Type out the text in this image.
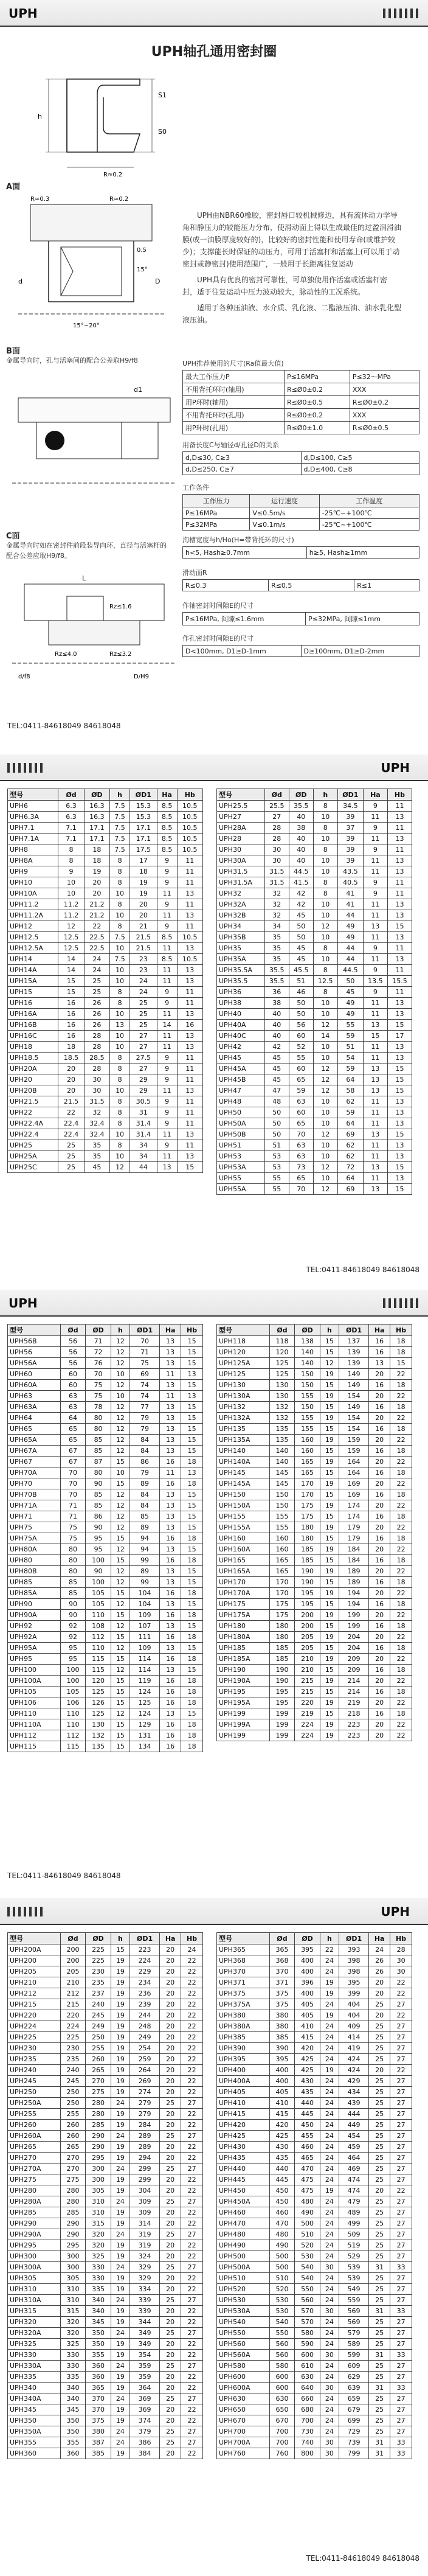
UPH
UPH轴孔通用密封圈
h
S1
S0
R≈0.2
A面
R≈0.3	R≈0.2
0.5
15°
d	D
15°~20°

UPH由NBR60橡胶，密封唇口较机械修边，具有流体动力学导角和静压力的较能压力分布，使滑动面上得以生成最佳的过盈润滑油膜(或一油膜厚度较好的)，比较好的密封性能和使用寿命(或维护较少)；支撑能长时保证的动压力，可用于活塞杆和活塞上(可以用于动密封或静密封)使用范围广，一般用于长距离往复运动

UPH具有优良的密封可靠性，可单独使用作活塞或活塞杆密封，适于往复运动中压力波动较大，脉动性的工况系统。

适用于各种压油液、水介质、乳化液、二酯液压油、油水乳化型液压油。

B面
金属导向时，孔与活塞间的配合公差取H9/f8
d1
C面
金属导向时如在密封件前段装导向环，直径与活塞杆的配合公差应取H9/f8。
L
Rz≤1.6
Rz≤4.0	Rz≤3.2
d/f8	D/H9
UPH推荐使用的尺寸(Ra值最大值)
最大工作压力P	P≤16MPa	P≤32～MPa
不用背托环时(轴用)	R≤Ø0±0.2	XXX
用P环时(轴用)	R≤Ø0±0.5	R≤Ø0±0.2
不用背托环时(孔用)	R≤Ø0±0.2	XXX
用P环时(孔用)	R≤Ø0±1.0	R≤Ø0±0.5
用备长度C与轴径d/孔径D的关系
d,D≤30, C≥3	d,D≤100, C≥5
d,D≤250, C≥7	d,D≤400, C≥8
工作条件
工作压力	运行速度	工作温度
P≤16MPa	V≤0.5m/s	-25℃~+100℃
P≤32MPa	V≤0.1m/s	-25℃~+100℃
沟槽宽度与h/Ho(H=带背托环的尺寸)
h<5, Hash≥0.7mm	h≥5, Hash≥1mm
滑动面R
R≤0.3	R≤0.5	R≤1
作轴密封时间隙E的尺寸
P≤16MPa, 间隙≤1.6mm	P≤32MPa, 间隙≤1mm
作孔密封时间隙E的尺寸
D<100mm, D1≥D-1mm	D≥100mm, D1≥D-2mm
TEL:0411-84618049 84618048
UPH
型号	Ød	ØD	h	ØD1	Ha	Hb
UPH6	6.3	16.3	7.5	15.3	8.5	10.5
UPH6.3A	6.3	16.3	7.5	15.3	8.5	10.5
UPH7.1	7.1	17.1	7.5	17.1	8.5	10.5
UPH7.1A	7.1	17.1	7.5	17.1	8.5	10.5
UPH8	8	18	7.5	17.5	8.5	10.5
UPH8A	8	18	8	17	9	11
UPH9	9	19	8	18	9	11
UPH10	10	20	8	19	9	11
UPH10A	10	20	10	19	11	13
UPH11.2	11.2	21.2	8	20	9	11
UPH11.2A	11.2	21.2	10	20	11	13
UPH12	12	22	8	21	9	11
UPH12.5	12.5	22.5	7.5	21.5	8.5	10.5
UPH12.5A	12.5	22.5	10	21.5	11	13
UPH14	14	24	7.5	23	8.5	10.5
UPH14A	14	24	10	23	11	13
UPH15A	15	25	10	24	11	13
UPH15	15	25	8	24	9	11
UPH16	16	26	8	25	9	11
UPH16A	16	26	10	25	11	13
UPH16B	16	26	13	25	14	16
UPH16C	16	28	10	27	11	13
UPH18	18	28	10	27	11	13
UPH18.5	18.5	28.5	8	27.5	9	11
UPH20A	20	28	8	27	9	11
UPH20	20	30	8	29	9	11
UPH20B	20	30	10	29	11	13
UPH21.5	21.5	31.5	8	30.5	9	11
UPH22	22	32	8	31	9	11
UPH22.4A	22.4	32.4	8	31.4	9	11
UPH22.4	22.4	32.4	10	31.4	11	13
UPH25	25	35	8	34	9	11
UPH25A	25	35	10	34	11	13
UPH25C	25	45	12	44	13	15
型号	Ød	ØD	h	ØD1	Ha	Hb
UPH25.5	25.5	35.5	8	34.5	9	11
UPH27	27	40	10	39	11	13
UPH28A	28	38	8	37	9	11
UPH28	28	40	10	39	11	13
UPH30	30	40	8	39	9	11
UPH30A	30	40	10	39	11	13
UPH31.5	31.5	44.5	10	43.5	11	13
UPH31.5A	31.5	41.5	8	40.5	9	11
UPH32	32	42	8	41	9	11
UPH32A	32	42	10	41	11	13
UPH32B	32	45	10	44	11	13
UPH34	34	50	12	49	13	15
UPH35B	35	50	10	49	11	13
UPH35	35	45	8	44	9	11
UPH35A	35	45	10	44	11	13
UPH35.5A	35.5	45.5	8	44.5	9	11
UPH35.5	35.5	51	12.5	50	13.5	15.5
UPH36	36	46	8	45	9	11
UPH38	38	50	10	49	11	13
UPH40	40	50	10	49	11	13
UPH40A	40	56	12	55	13	15
UPH40C	40	60	14	59	15	17
UPH42	42	52	10	51	11	13
UPH45	45	55	10	54	11	13
UPH45A	45	60	12	59	13	15
UPH45B	45	65	12	64	13	15
UPH47	47	59	12	58	13	15
UPH48	48	63	10	62	11	13
UPH50	50	60	10	59	11	13
UPH50A	50	65	10	64	11	13
UPH50B	50	70	12	69	13	15
UPH51	51	63	10	62	11	13
UPH53	53	63	10	62	11	13
UPH53A	53	73	12	72	13	15
UPH55	55	65	10	64	11	13
UPH55A	55	70	12	69	13	15
TEL:0411-84618049 84618048
UPH
型号	Ød	ØD	h	ØD1	Ha	Hb
UPH56B	56	71	12	70	13	15
UPH56	56	72	12	71	13	15
UPH56A	56	76	12	75	13	15
UPH60	60	70	10	69	11	13
UPH60A	60	75	12	74	13	15
UPH63	63	75	10	74	11	13
UPH63A	63	78	12	77	13	15
UPH64	64	80	12	79	13	15
UPH65	65	80	12	79	13	15
UPH65A	65	85	12	84	13	15
UPH67A	67	85	12	84	13	15
UPH67	67	87	15	86	16	18
UPH70A	70	80	10	79	11	13
UPH70	70	90	15	89	16	18
UPH70B	70	85	12	84	13	15
UPH71A	71	85	12	84	13	15
UPH71	71	86	12	85	13	15
UPH75	75	90	12	89	13	15
UPH75A	75	95	15	94	16	18
UPH80A	80	95	12	94	13	15
UPH80	80	100	15	99	16	18
UPH80B	80	90	12	89	13	15
UPH85	85	100	12	99	13	15
UPH85A	85	105	15	104	16	18
UPH90	90	105	12	104	13	15
UPH90A	90	110	15	109	16	18
UPH92	92	108	12	107	13	15
UPH92A	92	112	15	111	16	18
UPH95A	95	110	12	109	13	15
UPH95	95	115	15	114	16	18
UPH100	100	115	12	114	13	15
UPH100A	100	120	15	119	16	18
UPH105	105	125	15	124	16	18
UPH106	106	126	15	125	16	18
UPH110	110	125	12	124	13	15
UPH110A	110	130	15	129	16	18
UPH112	112	132	15	131	16	18
UPH115	115	135	15	134	16	18
型号	Ød	ØD	h	ØD1	Ha	Hb
UPH118	118	138	15	137	16	18
UPH120	120	140	15	139	16	18
UPH125A	125	140	12	139	13	15
UPH125	125	150	19	149	20	22
UPH130	130	150	15	149	16	18
UPH130A	130	155	19	154	20	22
UPH132	132	150	15	149	16	18
UPH132A	132	155	19	154	20	22
UPH135	135	155	15	154	16	18
UPH135A	135	160	19	159	20	22
UPH140	140	160	15	159	16	18
UPH140A	140	165	19	164	20	22
UPH145	145	165	15	164	16	18
UPH145A	145	170	19	169	20	22
UPH150	150	170	15	169	16	18
UPH150A	150	175	19	174	20	22
UPH155	155	175	15	174	16	18
UPH155A	155	180	19	179	20	22
UPH160	160	180	15	179	16	18
UPH160A	160	185	19	184	20	22
UPH165	165	185	15	184	16	18
UPH165A	165	190	19	189	20	22
UPH170	170	190	15	189	16	18
UPH170A	170	195	19	194	20	22
UPH175	175	195	15	194	16	18
UPH175A	175	200	19	199	20	22
UPH180	180	200	15	199	16	18
UPH180A	180	205	19	204	20	22
UPH185	185	205	15	204	16	18
UPH185A	185	210	19	209	20	22
UPH190	190	210	15	209	16	18
UPH190A	190	215	19	214	20	22
UPH195	195	215	15	214	16	18
UPH195A	195	220	19	219	20	22
UPH199	199	219	15	218	16	18
UPH199A	199	224	19	223	20	22
UPH199	199	224	19	223	20	22
TEL:0411-84618049 84618048
UPH
型号	Ød	ØD	h	ØD1	Ha	Hb
UPH200A	200	225	15	223	20	24
UPH200	200	225	19	224	20	22
UPH205	205	230	19	229	20	22
UPH210	210	235	19	234	20	22
UPH212	212	237	19	236	20	22
UPH215	215	240	19	239	20	22
UPH220	220	245	19	244	20	22
UPH224	224	249	19	248	20	22
UPH225	225	250	19	249	20	22
UPH230	230	255	19	254	20	22
UPH235	235	260	19	259	20	22
UPH240	240	265	19	264	20	22
UPH245	245	270	19	269	20	22
UPH250	250	275	19	274	20	22
UPH250A	250	280	24	279	25	27
UPH255	255	280	19	279	20	22
UPH260	260	285	19	284	20	22
UPH260A	260	290	24	289	25	27
UPH265	265	290	19	289	20	22
UPH270	270	295	19	294	20	22
UPH270A	270	300	24	299	25	27
UPH275	275	300	19	299	20	22
UPH280	280	305	19	304	20	22
UPH280A	280	310	24	309	25	27
UPH285	285	310	19	309	20	22
UPH290	290	315	19	314	20	22
UPH290A	290	320	24	319	25	27
UPH295	295	320	19	319	20	22
UPH300	300	325	19	324	20	22
UPH300A	300	330	24	329	25	27
UPH305	305	330	19	329	20	22
UPH310	310	335	19	334	20	22
UPH310A	310	340	24	339	25	27
UPH315	315	340	19	339	20	22
UPH320	320	345	19	344	20	22
UPH320A	320	350	24	349	25	27
UPH325	325	350	19	349	20	22
UPH330	330	355	19	354	20	22
UPH330A	330	360	24	359	25	27
UPH335	335	360	19	359	20	22
UPH340	340	365	19	364	20	22
UPH340A	340	370	24	369	25	27
UPH345	345	370	19	369	20	22
UPH350	350	375	19	374	20	22
UPH350A	350	380	24	379	25	27
UPH355	355	387	24	386	25	27
UPH360	360	385	19	384	20	22
型号	Ød	ØD	h	ØD1	Ha	Hb
UPH365	365	395	22	393	24	28
UPH368	368	400	24	398	26	30
UPH370	370	400	24	398	26	30
UPH371	371	396	19	395	20	22
UPH375	375	400	19	399	20	22
UPH375A	375	405	24	404	25	27
UPH380	380	405	19	404	20	22
UPH380A	380	410	24	409	25	27
UPH385	385	415	24	414	25	27
UPH390	390	420	24	419	25	27
UPH395	395	425	24	424	25	27
UPH400	400	425	19	424	20	22
UPH400A	400	430	24	429	25	27
UPH405	405	435	24	434	25	27
UPH410	410	440	24	439	25	27
UPH415	415	445	24	444	25	27
UPH420	420	450	24	449	25	27
UPH425	425	455	24	454	25	27
UPH430	430	460	24	459	25	27
UPH435	435	465	24	464	25	27
UPH440	440	470	24	469	25	27
UPH445	445	475	24	474	25	27
UPH450	450	475	19	474	20	22
UPH450A	450	480	24	479	25	27
UPH460	460	490	24	489	25	27
UPH470	470	500	24	499	25	27
UPH480	480	510	24	509	25	27
UPH490	490	520	24	519	25	27
UPH500	500	530	24	529	25	27
UPH500A	500	540	30	539	31	33
UPH510	510	540	24	539	25	27
UPH520	520	550	24	549	25	27
UPH530	530	560	24	559	25	27
UPH530A	530	570	30	569	31	33
UPH540	540	570	24	569	25	27
UPH550	550	580	24	579	25	27
UPH560	560	590	24	589	25	27
UPH560A	560	600	30	599	31	33
UPH580	580	610	24	609	25	27
UPH600	600	630	24	629	25	27
UPH600A	600	640	30	639	31	33
UPH630	630	660	24	659	25	27
UPH650	650	680	24	679	25	27
UPH670	670	700	24	699	25	27
UPH700	700	730	24	729	25	27
UPH700A	700	740	30	739	31	33
UPH760	760	800	30	799	31	33
TEL:0411-84618049 84618048
